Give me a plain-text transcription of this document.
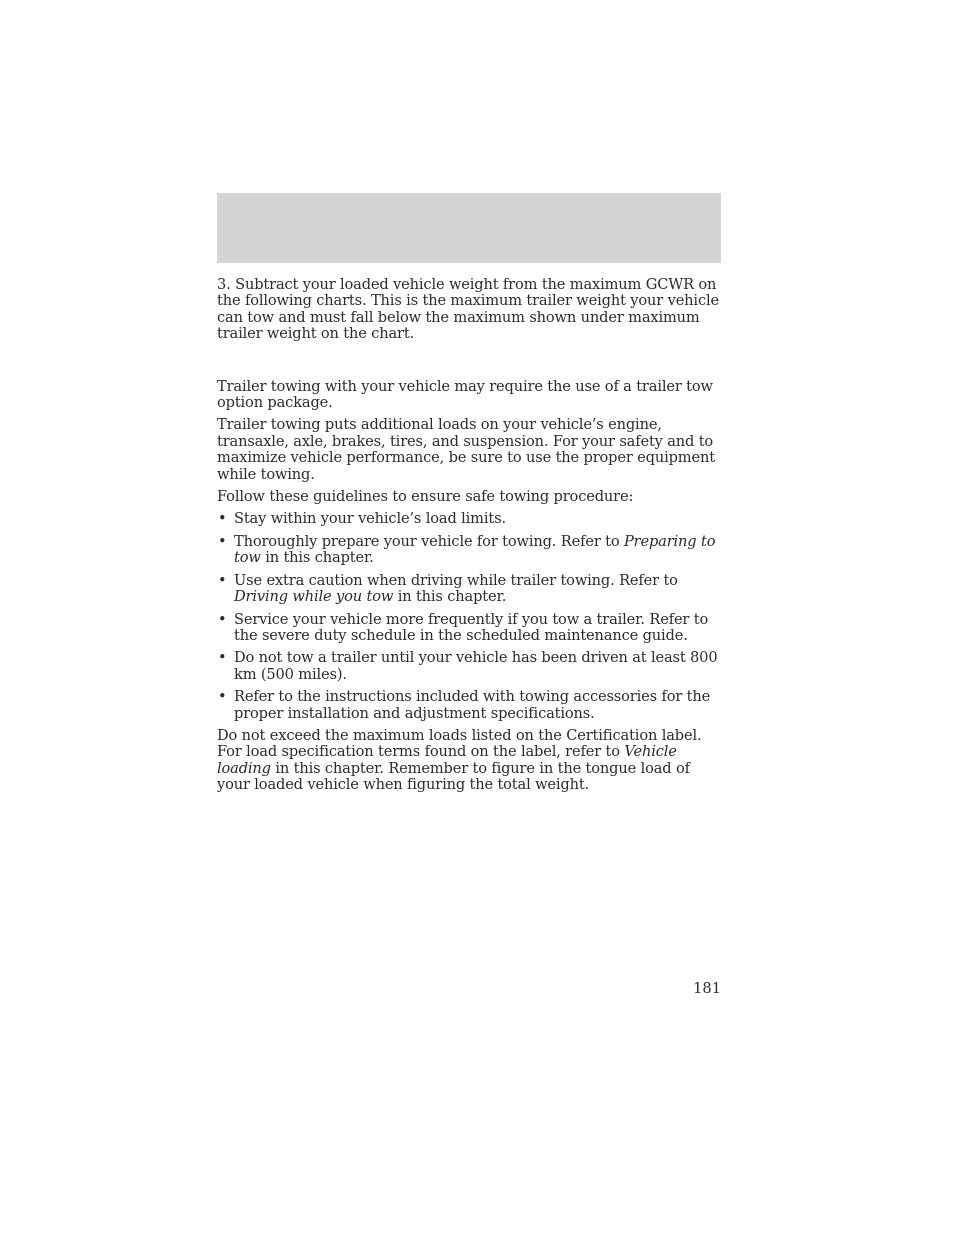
3. Subtract your loaded vehicle weight from the maximum GCWR on the following charts. This is the maximum trailer weight your vehicle can tow and must fall below the maximum shown under maximum trailer weight on the chart.

Trailer towing with your vehicle may require the use of a trailer tow option package.

Trailer towing puts additional loads on your vehicle’s engine, transaxle, axle, brakes, tires, and suspension. For your safety and to maximize vehicle performance, be sure to use the proper equipment while towing.

Follow these guidelines to ensure safe towing procedure:

• Stay within your vehicle’s load limits.
• Thoroughly prepare your vehicle for towing. Refer to Preparing to tow in this chapter.
• Use extra caution when driving while trailer towing. Refer to Driving while you tow in this chapter.
• Service your vehicle more frequently if you tow a trailer. Refer to the severe duty schedule in the scheduled maintenance guide.
• Do not tow a trailer until your vehicle has been driven at least 800 km (500 miles).
• Refer to the instructions included with towing accessories for the proper installation and adjustment specifications.

Do not exceed the maximum loads listed on the Certification label. For load specification terms found on the label, refer to Vehicle loading in this chapter. Remember to figure in the tongue load of your loaded vehicle when figuring the total weight.

181
